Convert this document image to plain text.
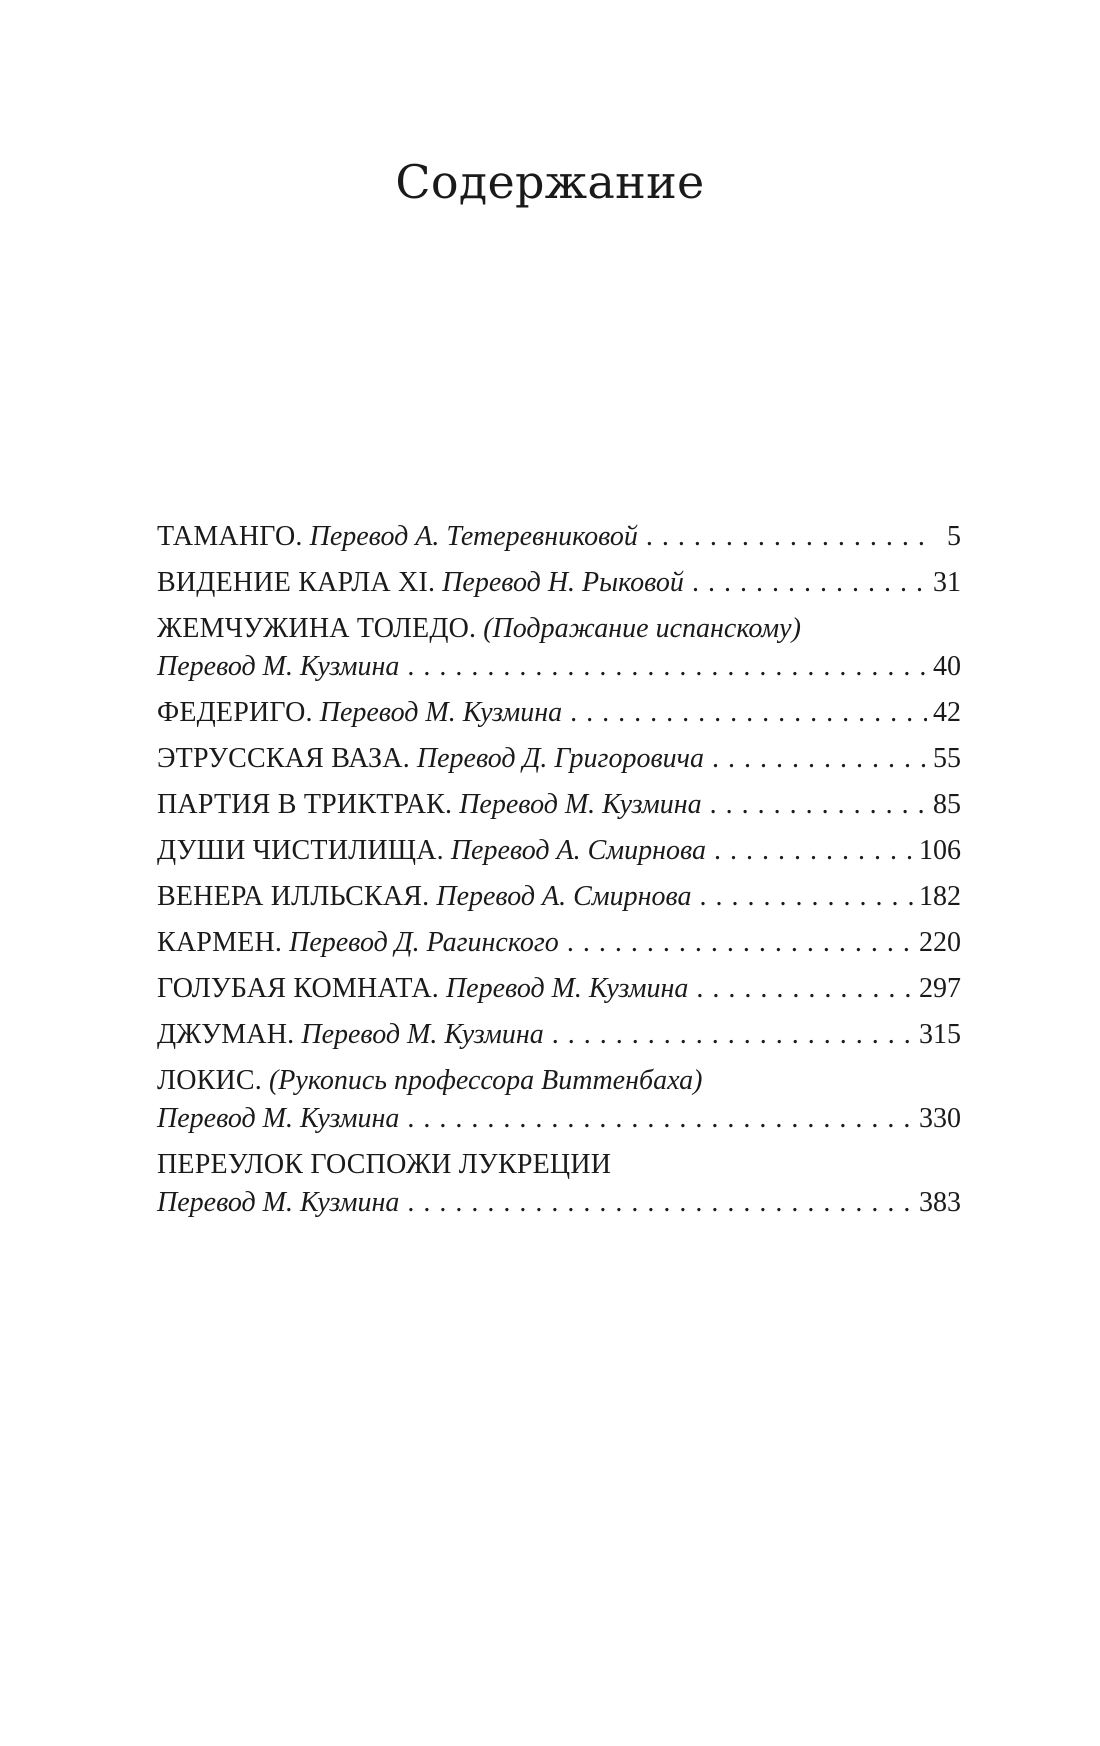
Содержание
ТАМАНГО.
Перевод А. Тетеревниковой . . .	5
ВИДЕНИЕ КАРЛА XI.
Перевод Н. Рыковой . . .	31
ЖЕМЧУЖИНА ТОЛЕДО.
(Подражание испанскому)
Перевод М. Кузмина . . .	40
ФЕДЕРИГО.
Перевод М. Кузмина . . .	42
ЭТРУССКАЯ ВАЗА.
Перевод Д. Григоровича . . .	55
ПАРТИЯ В ТРИКТРАК.
Перевод М. Кузмина . . .	85
ДУШИ ЧИСТИЛИЩА.
Перевод А. Смирнова . . .	106
ВЕНЕРА ИЛЛЬСКАЯ.
Перевод А. Смирнова . . .	182
КАРМЕН.
Перевод Д. Рагинского . . .	220
ГОЛУБАЯ КОМНАТА.
Перевод М. Кузмина . . .	297
ДЖУМАН.
Перевод М. Кузмина . . .	315
ЛОКИС.
(Рукопись профессора Виттенбаха)
Перевод М. Кузмина . . .	330
ПЕРЕУЛОК ГОСПОЖИ ЛУКРЕЦИИ
Перевод М. Кузмина . . .	383
